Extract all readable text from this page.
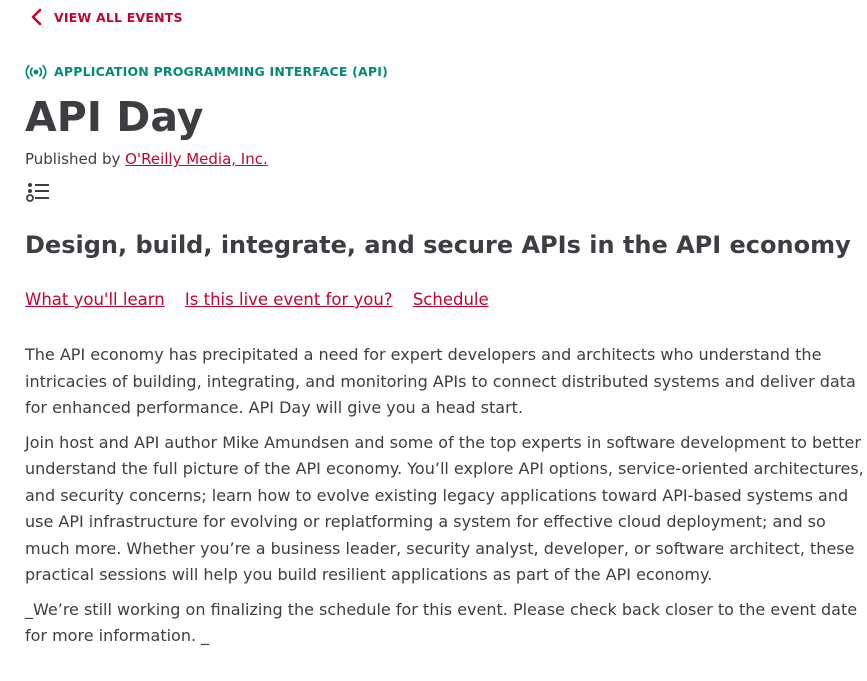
VIEW ALL EVENTS
APPLICATION PROGRAMMING INTERFACE (API)
API Day
Published by O'Reilly Media, Inc.
Design, build, integrate, and secure APIs in the API economy
What you'll learn Is this live event for you? Schedule

The API economy has precipitated a need for expert developers and architects who understand the intricacies of building, integrating, and monitoring APIs to connect distributed systems and deliver data for enhanced performance. API Day will give you a head start.

Join host and API author Mike Amundsen and some of the top experts in software development to better understand the full picture of the API economy. You’ll explore API options, service-oriented architectures, and security concerns; learn how to evolve existing legacy applications toward API-based systems and use API infrastructure for evolving or replatforming a system for effective cloud deployment; and so much more. Whether you’re a business leader, security analyst, developer, or software architect, these practical sessions will help you build resilient applications as part of the API economy.

_We’re still working on finalizing the schedule for this event. Please check back closer to the event date for more information. _
